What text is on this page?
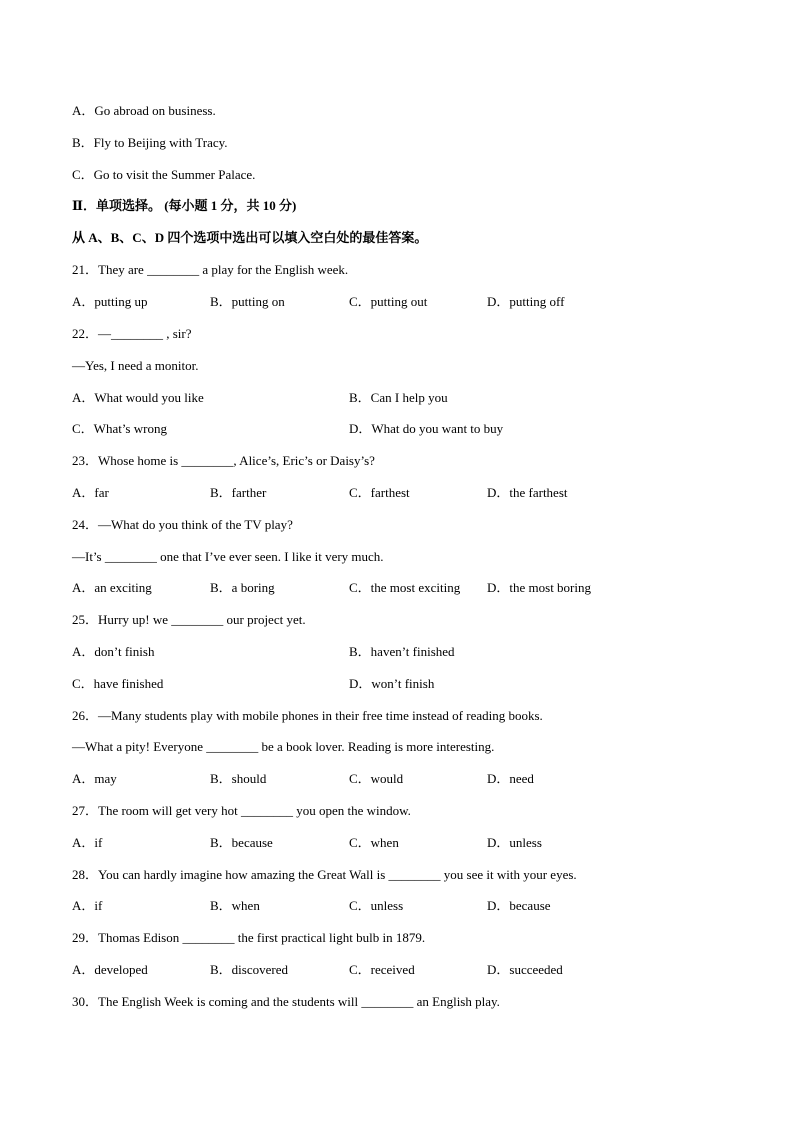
A．Go abroad on business.
B．Fly to Beijing with Tracy.
C．Go to visit the Summer Palace.
Ⅱ．单项选择。 (每小题 1 分，共 10 分)
从 A、B、C、D 四个选项中选出可以填入空白处的最佳答案。
21．They are ________ a play for the English week.
A．putting up	B．putting on	C．putting out	D．putting off
22．—________ , sir?
—Yes, I need a monitor.
A．What would you like	B．Can I help you
C．What’s wrong	D．What do you want to buy
23．Whose home is ________, Alice’s, Eric’s or Daisy’s?
A．far	B．farther	C．farthest	D．the farthest
24．—What do you think of the TV play?
—It’s ________ one that I’ve ever seen. I like it very much.
A．an exciting	B．a boring	C．the most exciting D．the most boring
25．Hurry up! we ________ our project yet.
A．don’t finish	B．haven’t finished
C．have finished	D．won’t finish
26．—Many students play with mobile phones in their free time instead of reading books.
—What a pity! Everyone ________ be a book lover. Reading is more interesting.
A．may	B．should	C．would	D．need
27．The room will get very hot ________ you open the window.
A．if	B．because	C．when	D．unless
28．You can hardly imagine how amazing the Great Wall is ________ you see it with your eyes.
A．if	B．when	C．unless	D．because
29．Thomas Edison ________ the first practical light bulb in 1879.
A．developed	B．discovered	C．received	D．succeeded
30．The English Week is coming and the students will ________ an English play.
